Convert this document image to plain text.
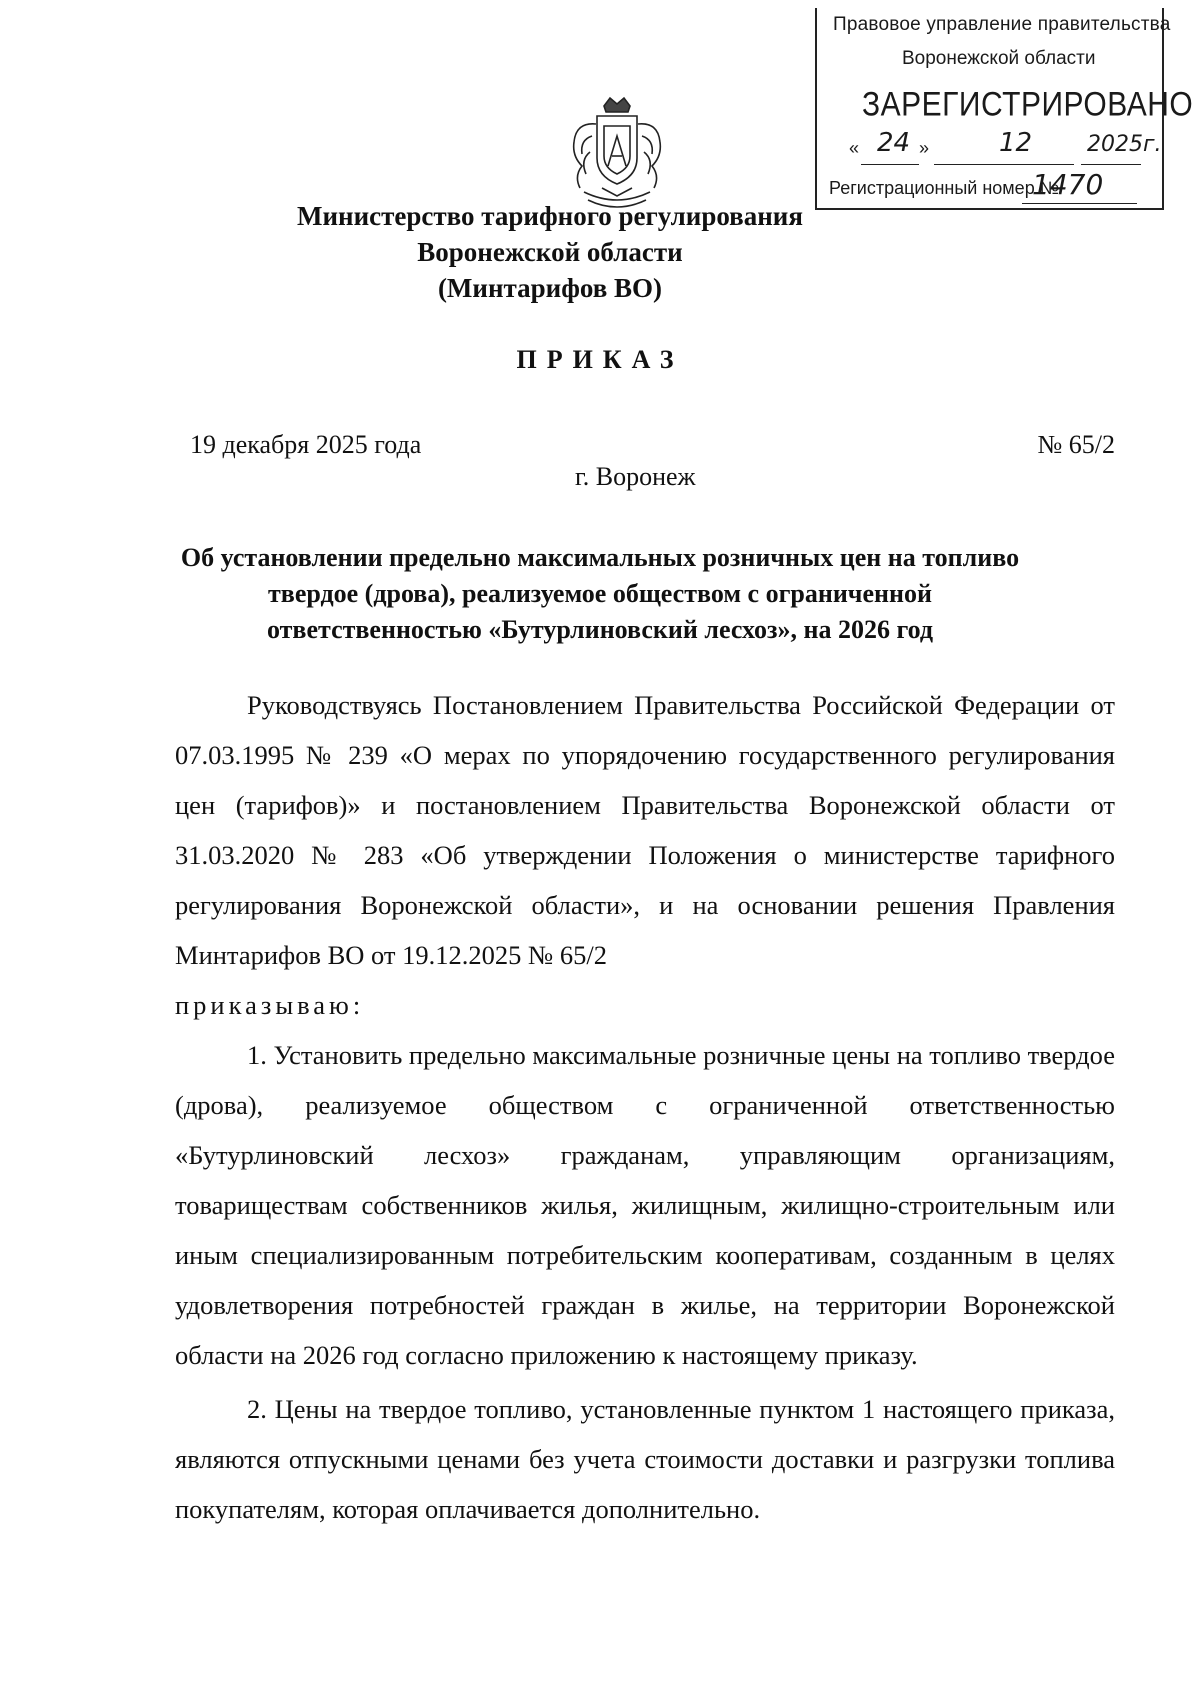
Правовое управление правительства
Воронежской области
ЗАРЕГИСТРИРОВАНО
« 24 »	12 2025г.
Регистрационный номер №
1470
Министерство тарифного регулирования
Воронежской области
(Минтарифов ВО)
ПРИКАЗ
19 декабря 2025 года	№ 65/2
г. Воронеж
Об установлении предельно максимальных розничных цен на топливо
твердое (дрова), реализуемое обществом с ограниченной
ответственностью «Бутурлиновский лесхоз», на 2026 год

Руководствуясь Постановлением Правительства Российской Федерации от 07.03.1995 № 239 «О мерах по упорядочению государственного регулирования цен (тарифов)» и постановлением Правительства Воронежской области от 31.03.2020 № 283 «Об утверждении Положения о министерстве тарифного регулирования Воронежской области», и на основании решения Правления Минтарифов ВО от 19.12.2025 № 65/2

приказываю:

1. Установить предельно максимальные розничные цены на топливо твердое (дрова), реализуемое обществом с ограниченной ответственностью «Бутурлиновский лесхоз» гражданам, управляющим организациям, товариществам собственников жилья, жилищным, жилищно-строительным или иным специализированным потребительским кооперативам, созданным в целях удовлетворения потребностей граждан в жилье, на территории Воронежской области на 2026 год согласно приложению к настоящему приказу.

2. Цены на твердое топливо, установленные пунктом 1 настоящего приказа, являются отпускными ценами без учета стоимости доставки и разгрузки топлива покупателям, которая оплачивается дополнительно.
